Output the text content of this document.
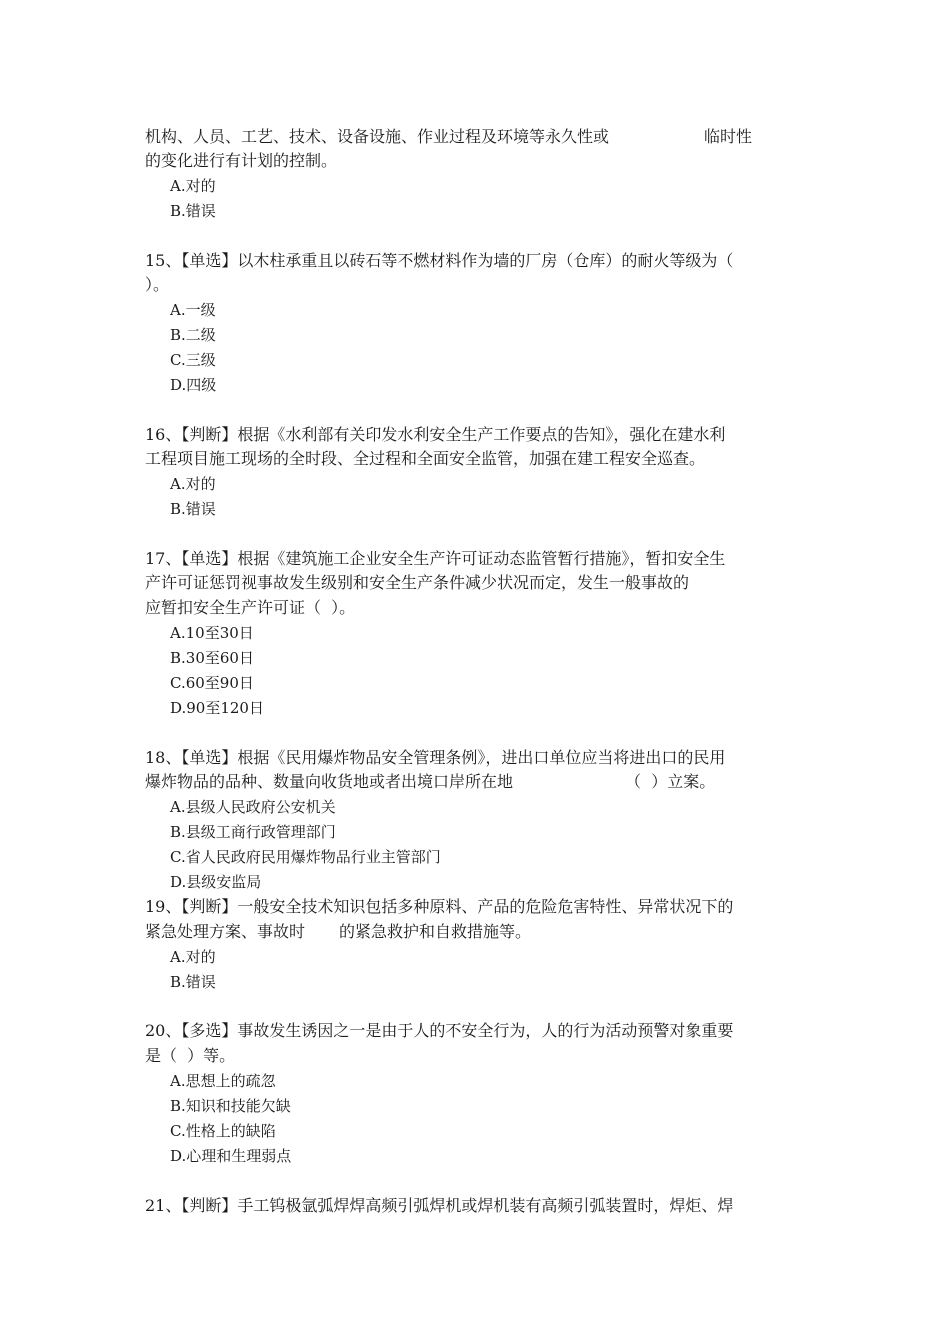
机构、人员、工艺、技术、设备设施、作业过程及环境等永久性或	临时性
的变化进行有计划的控制。
A.对的
B.错误
15、【单选】以木柱承重且以砖石等不燃材料作为墙的厂房（仓库）的耐火等级为（
）。
A.一级
B.二级
C.三级
D.四级
16、【判断】根据《水利部有关印发水利安全生产工作要点的告知》，强化在建水利
工程项目施工现场的全时段、全过程和全面安全监管，加强在建工程安全巡查。
A.对的
B.错误
17、【单选】根据《建筑施工企业安全生产许可证动态监管暂行措施》，暂扣安全生
产许可证惩罚视事故发生级别和安全生产条件减少状况而定，发生一般事故的
应暂扣安全生产许可证（  ）。
A.10至30日
B.30至60日
C.60至90日
D.90至120日
18、【单选】根据《民用爆炸物品安全管理条例》，进出口单位应当将进出口的民用
爆炸物品的品种、数量向收货地或者出境口岸所在地	（  ）立案。
A.县级人民政府公安机关
B.县级工商行政管理部门
C.省人民政府民用爆炸物品行业主管部门
D.县级安监局
19、【判断】一般安全技术知识包括多种原料、产品的危险危害特性、异常状况下的
紧急处理方案、事故时 的紧急救护和自救措施等。
A.对的
B.错误
20、【多选】事故发生诱因之一是由于人的不安全行为，人的行为活动预警对象重要
是（  ）等。
A.思想上的疏忽
B.知识和技能欠缺
C.性格上的缺陷
D.心理和生理弱点
21、【判断】手工钨极氩弧焊焊高频引弧焊机或焊机装有高频引弧装置时，焊炬、焊
